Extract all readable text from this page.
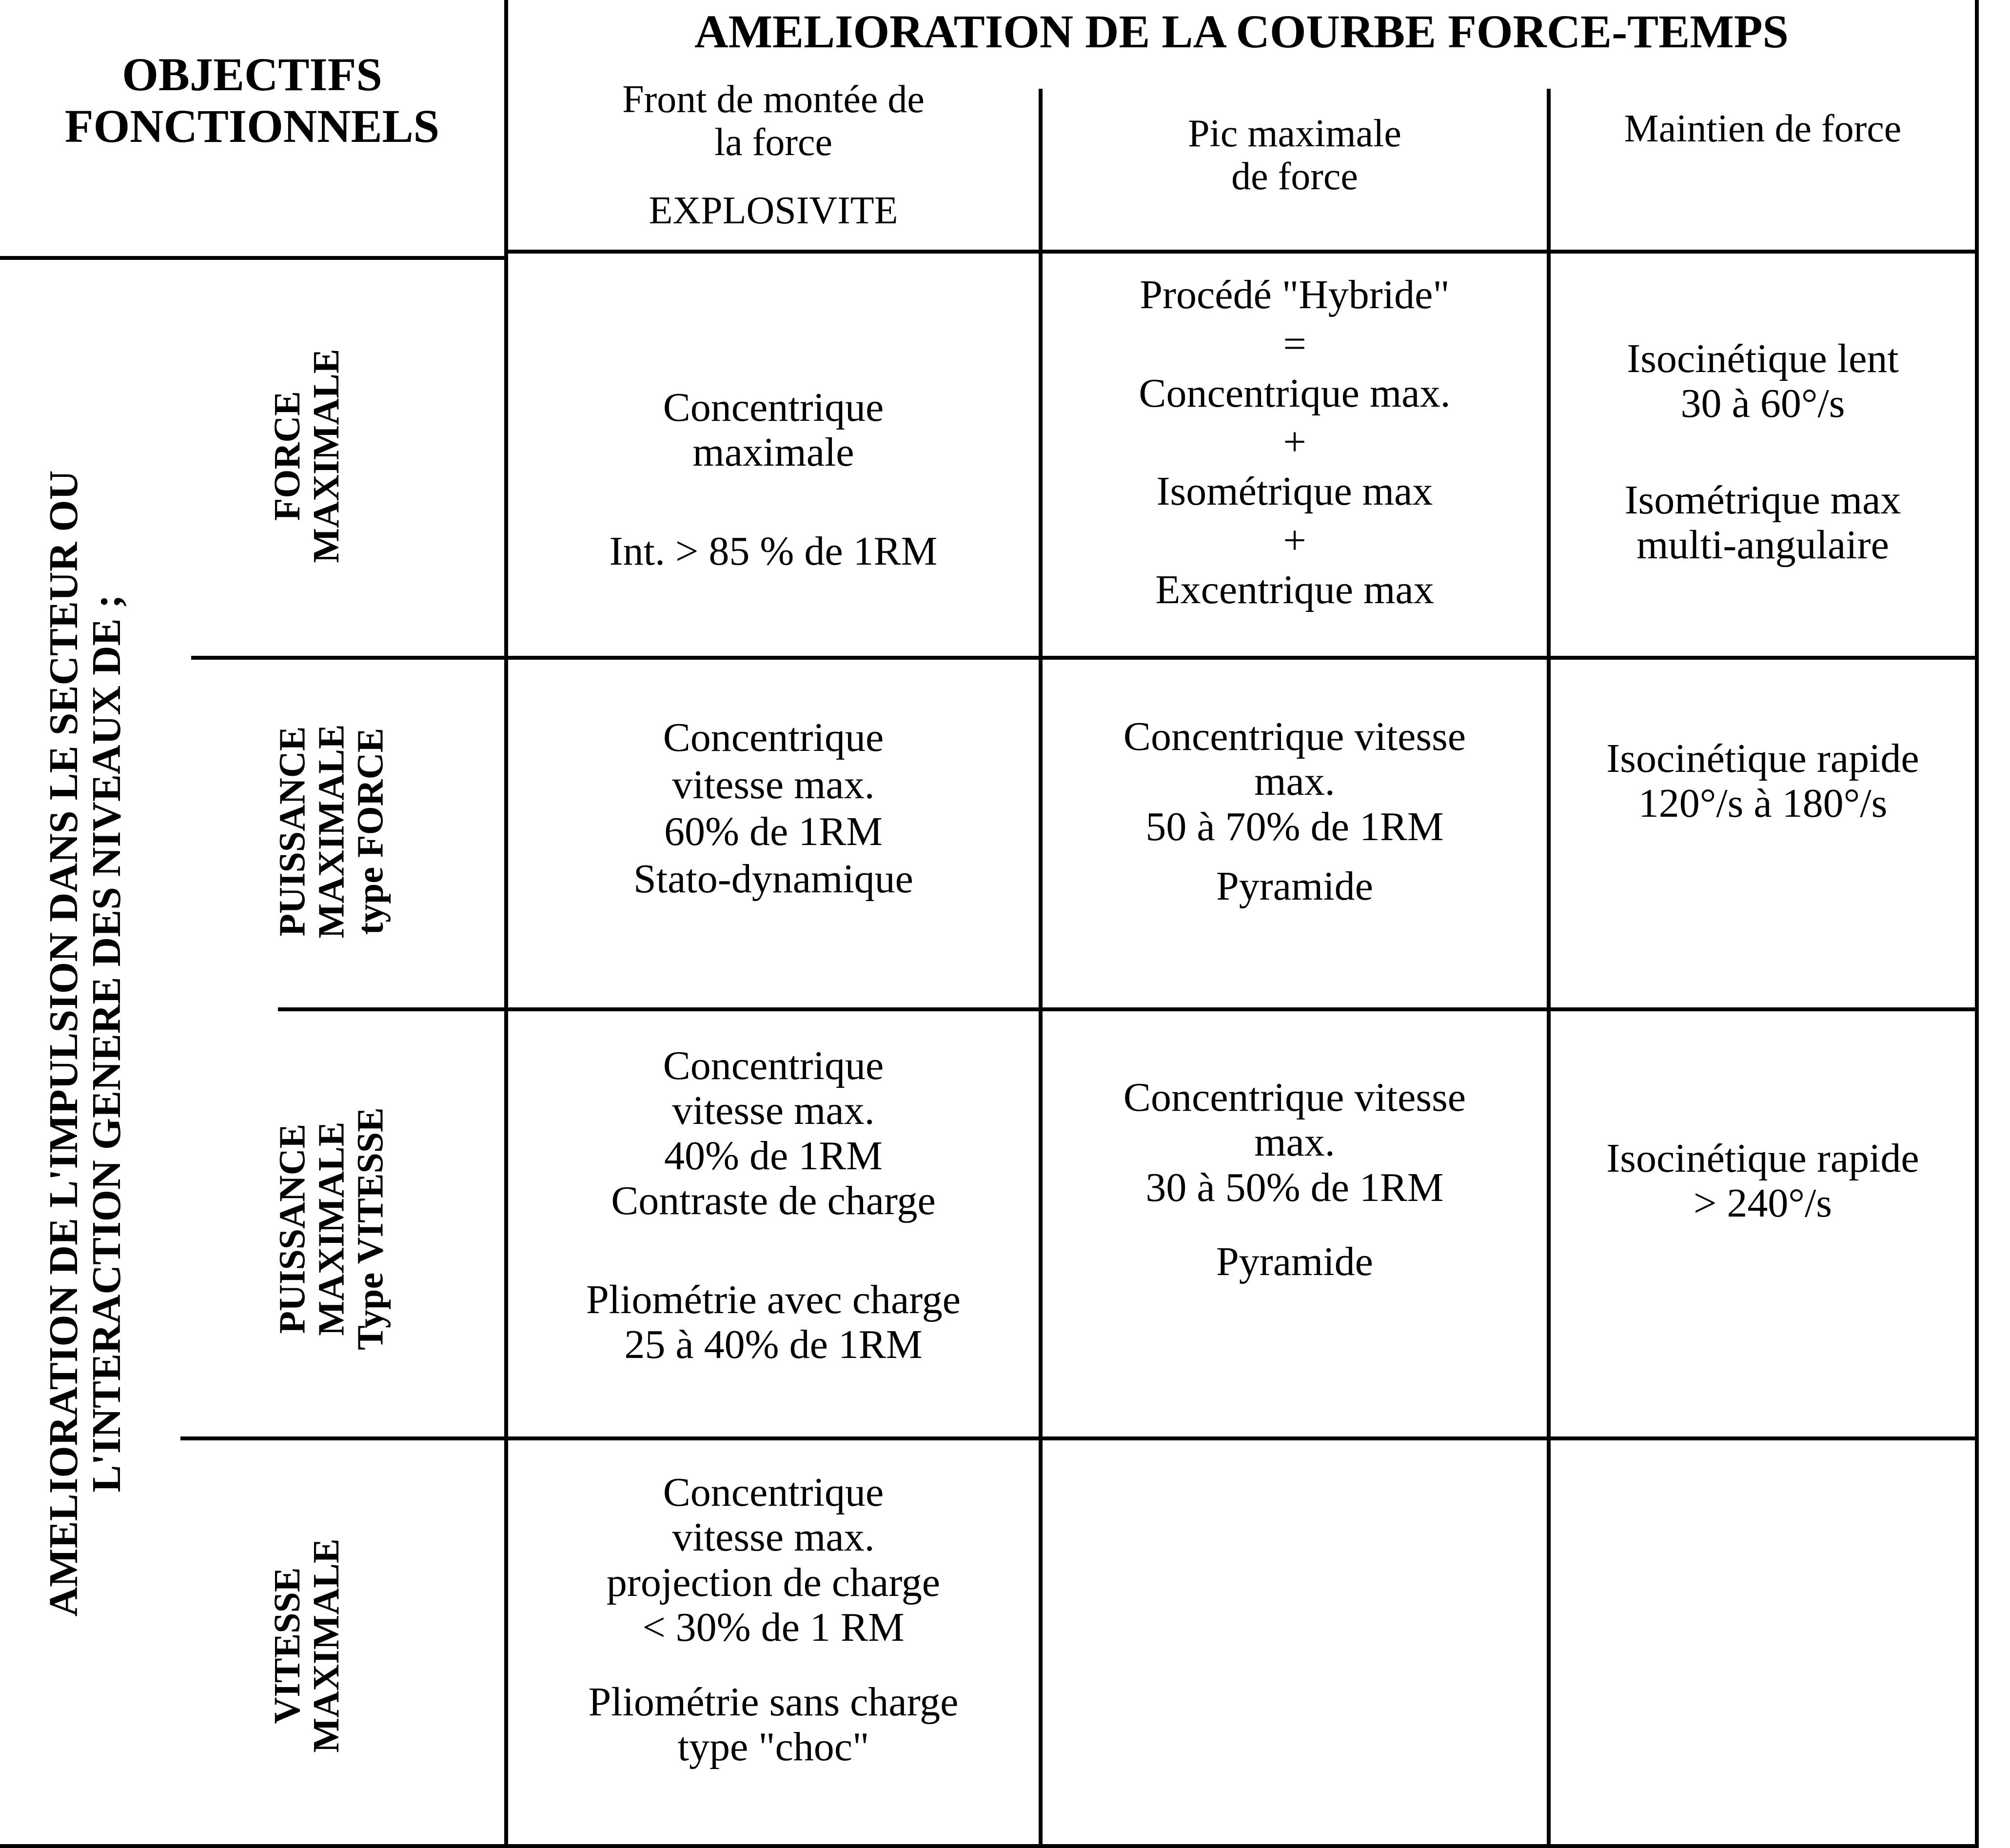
OBJECTIFS
FONCTIONNELS
AMELIORATION DE LA COURBE FORCE-TEMPS
Front de montée de
la force
EXPLOSIVITE
Pic maximale
de force
Maintien de force
AMELIORATION DE L'IMPULSION DANS LE SECTEUR OU
L'INTERACTION GENERE DES NIVEAUX DE ;
FORCE
MAXIMALE
PUISSANCE
MAXIMALE
type FORCE
PUISSANCE
MAXIMALE
Type VITESSE
VITESSE
MAXIMALE
Concentrique
maximale
Int. > 85 % de 1RM
Procédé "Hybride"
=
Concentrique max.
+
Isométrique max
+
Excentrique max
Isocinétique lent
30 à 60°/s
Isométrique max
multi-angulaire
Concentrique
vitesse max.
60% de 1RM
Stato-dynamique
Concentrique vitesse
max.
50 à 70% de 1RM
Pyramide
Isocinétique rapide
120°/s à 180°/s
Concentrique
vitesse max.
40% de 1RM
Contraste de charge
Pliométrie avec charge
25 à 40% de 1RM
Concentrique vitesse
max.
30 à 50% de 1RM
Pyramide
Isocinétique rapide
> 240°/s
Concentrique
vitesse max.
projection de charge
< 30% de 1 RM
Pliométrie sans charge
type "choc"
